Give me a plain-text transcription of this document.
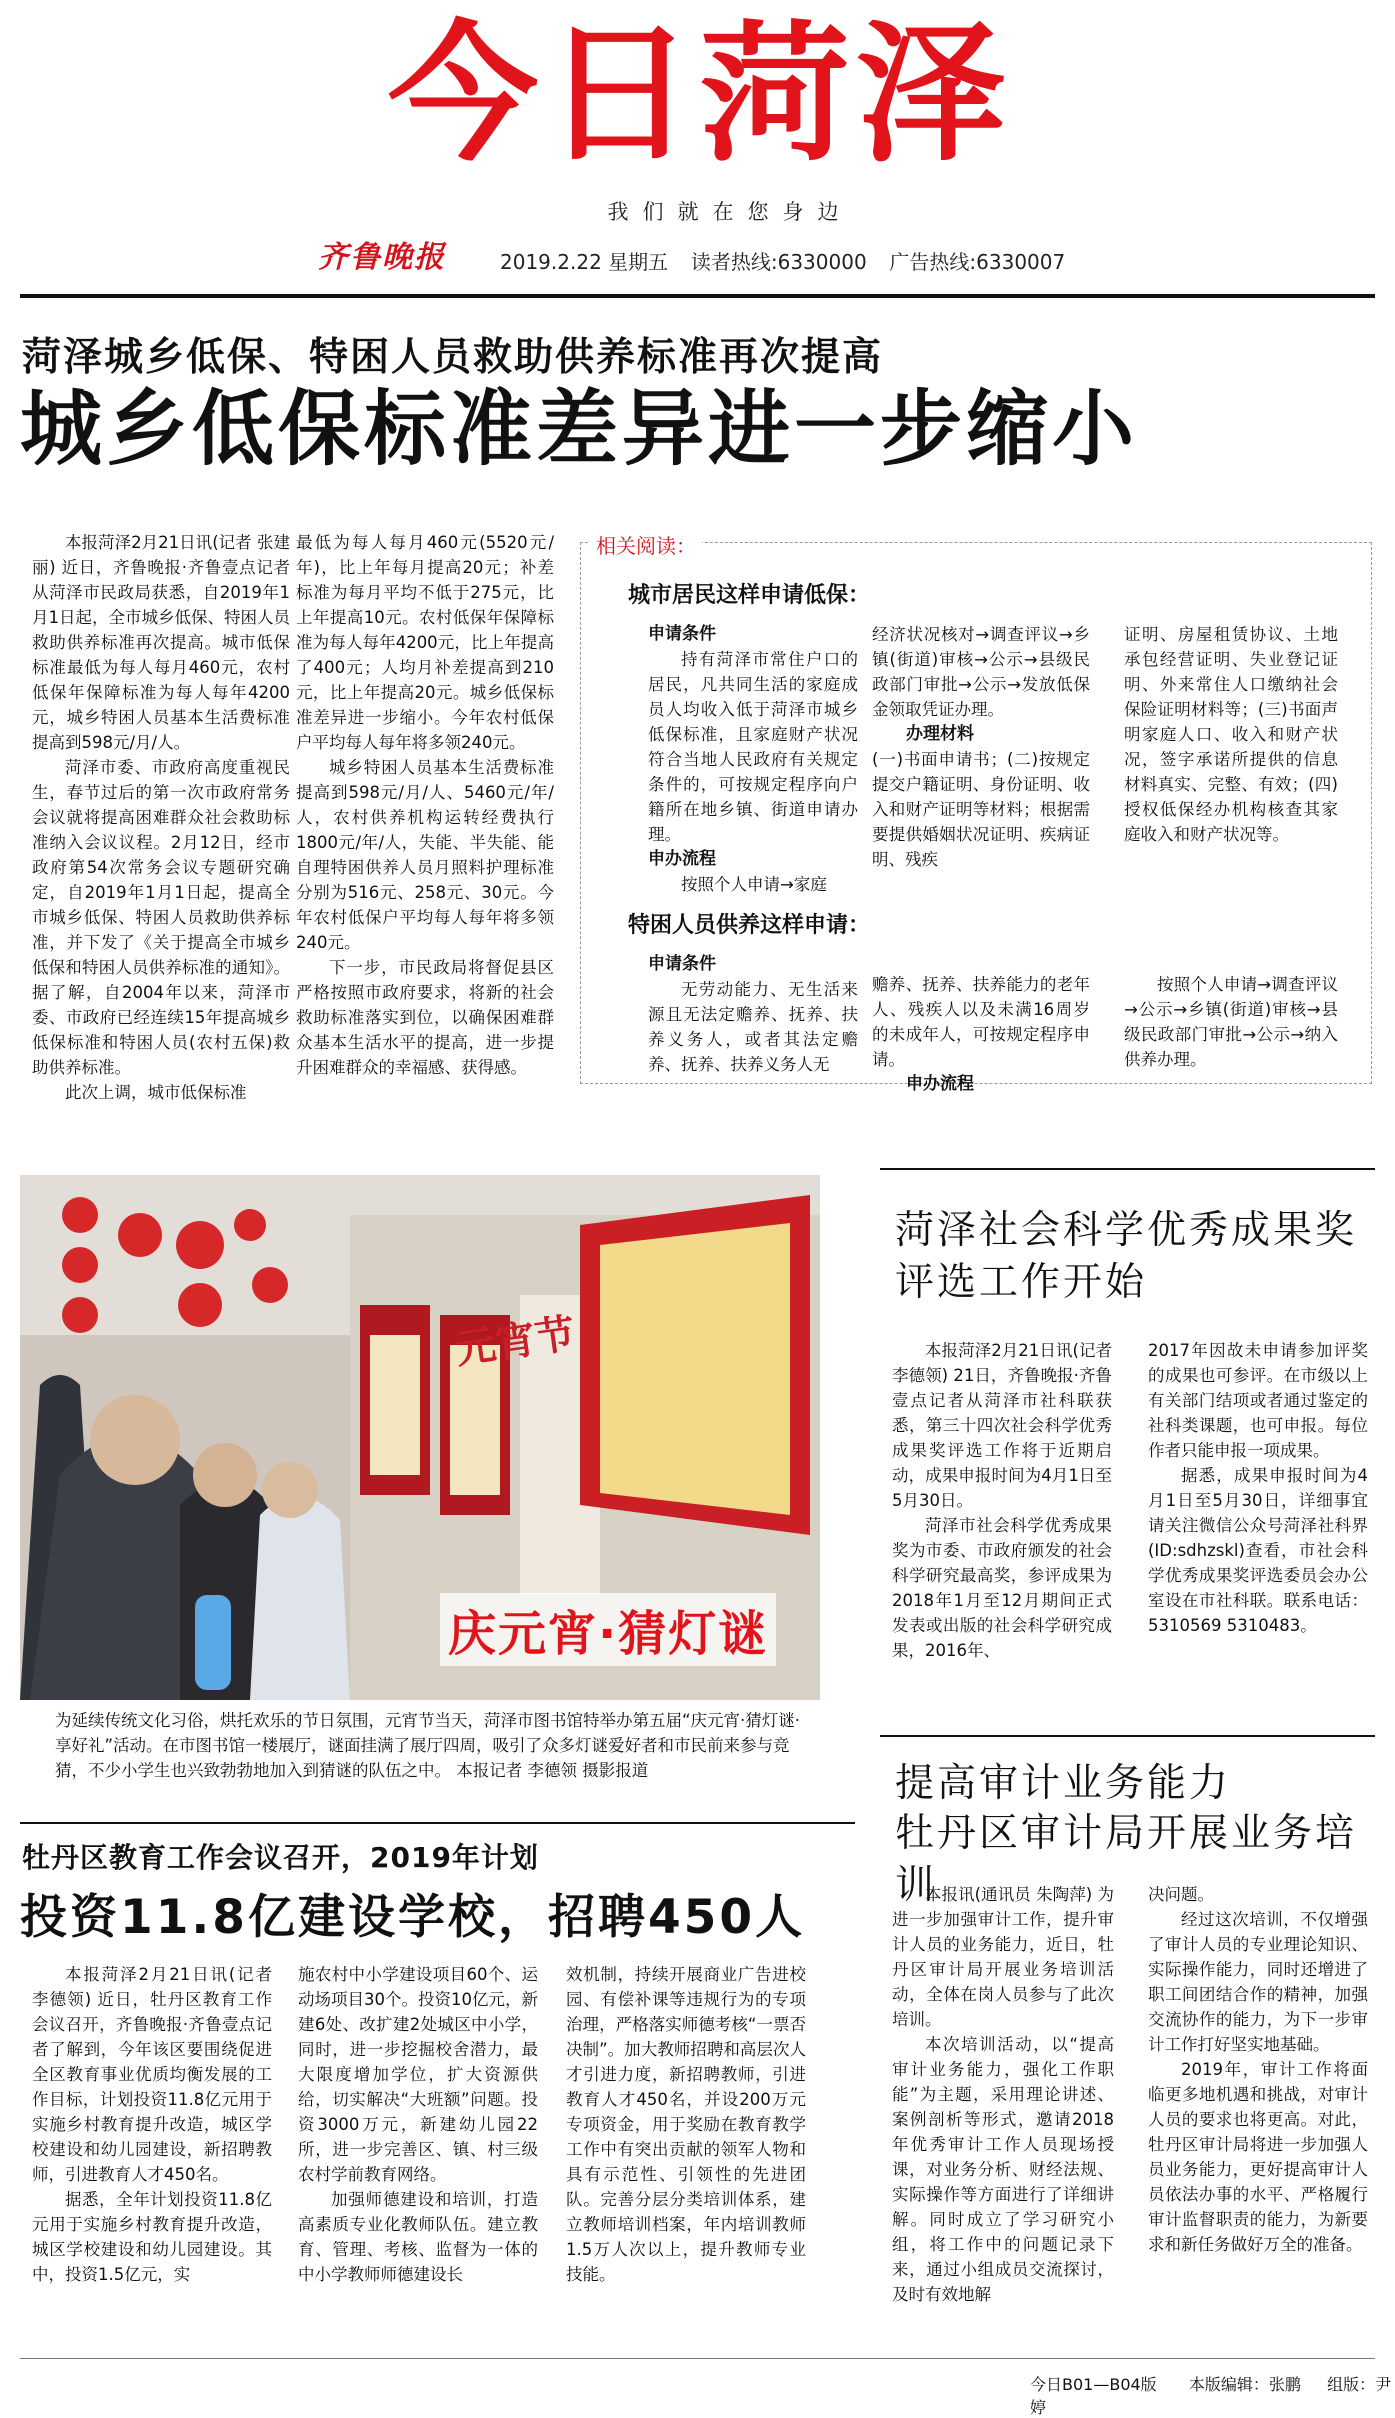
今日菏泽
我们就在您身边
齐鲁晚报	2019.2.22 星期五 读者热线:6330000 广告热线:6330007
菏泽城乡低保、特困人员救助供养标准再次提高
城乡低保标准差异进一步缩小

本报菏泽2月21日讯(记者 张建丽) 近日，齐鲁晚报·齐鲁壹点记者从菏泽市民政局获悉，自2019年1月1日起，全市城乡低保、特困人员救助供养标准再次提高。城市低保标准最低为每人每月460元，农村低保年保障标准为每人每年4200元，城乡特困人员基本生活费标准提高到598元/月/人。

菏泽市委、市政府高度重视民生，春节过后的第一次市政府常务会议就将提高困难群众社会救助标准纳入会议议程。2月12日，经市政府第54次常务会议专题研究确定，自2019年1月1日起，提高全市城乡低保、特困人员救助供养标准，并下发了《关于提高全市城乡低保和特困人员供养标准的通知》。据了解，自2004年以来，菏泽市委、市政府已经连续15年提高城乡低保标准和特困人员(农村五保)救助供养标准。

此次上调，城市低保标准

最低为每人每月460元(5520元/年)，比上年每月提高20元；补差标准为每月平均不低于275元，比上年提高10元。农村低保年保障标准为每人每年4200元，比上年提高了400元；人均月补差提高到210元，比上年提高20元。城乡低保标准差异进一步缩小。今年农村低保户平均每人每年将多领240元。

城乡特困人员基本生活费标准提高到598元/月/人、5460元/年/人，农村供养机构运转经费执行1800元/年/人，失能、半失能、能自理特困供养人员月照料护理标准分别为516元、258元、30元。今年农村低保户平均每人每年将多领240元。

下一步，市民政局将督促县区严格按照市政府要求，将新的社会救助标准落实到位，以确保困难群众基本生活水平的提高，进一步提升困难群众的幸福感、获得感。

相关阅读：
城市居民这样申请低保：
申请条件
持有菏泽市常住户口的居民，凡共同生活的家庭成员人均收入低于菏泽市城乡低保标准，且家庭财产状况符合当地人民政府有关规定条件的，可按规定程序向户籍所在地乡镇、街道申请办理。
申办流程
按照个人申请→家庭
经济状况核对→调查评议→乡镇(街道)审核→公示→县级民政部门审批→公示→发放低保金领取凭证办理。
办理材料
(一)书面申请书；(二)按规定提交户籍证明、身份证明、收入和财产证明等材料；根据需要提供婚姻状况证明、疾病证明、残疾
证明、房屋租赁协议、土地承包经营证明、失业登记证明、外来常住人口缴纳社会保险证明材料等；(三)书面声明家庭人口、收入和财产状况，签字承诺所提供的信息材料真实、完整、有效；(四)授权低保经办机构核查其家庭收入和财产状况等。
特困人员供养这样申请：
申请条件
无劳动能力、无生活来源且无法定赡养、抚养、扶养义务人，或者其法定赡养、抚养、扶养义务人无
赡养、抚养、扶养能力的老年人、残疾人以及未满16周岁的未成年人，可按规定程序申请。
申办流程
按照个人申请→调查评议→公示→乡镇(街道)审核→县级民政部门审批→公示→纳入供养办理。
元宵节
庆元宵·猜灯谜
为延续传统文化习俗，烘托欢乐的节日氛围，元宵节当天，菏泽市图书馆特举办第五届“庆元宵·猜灯谜·享好礼”活动。在市图书馆一楼展厅，谜面挂满了展厅四周，吸引了众多灯谜爱好者和市民前来参与竞猜，不少小学生也兴致勃勃地加入到猜谜的队伍之中。 本报记者 李德领 摄影报道
菏泽社会科学优秀成果奖评选工作开始

本报菏泽2月21日讯(记者 李德领) 21日，齐鲁晚报·齐鲁壹点记者从菏泽市社科联获悉，第三十四次社会科学优秀成果奖评选工作将于近期启动，成果申报时间为4月1日至5月30日。

菏泽市社会科学优秀成果奖为市委、市政府颁发的社会科学研究最高奖，参评成果为2018年1月至12月期间正式发表或出版的社会科学研究成果，2016年、

2017年因故未申请参加评奖的成果也可参评。在市级以上有关部门结项或者通过鉴定的社科类课题，也可申报。每位作者只能申报一项成果。

据悉，成果申报时间为4月1日至5月30日，详细事宜请关注微信公众号菏泽社科界(ID:sdhzskl)查看，市社会科学优秀成果奖评选委员会办公室设在市社科联。联系电话：5310569 5310483。

提高审计业务能力
牡丹区审计局开展业务培训

本报讯(通讯员 朱陶萍) 为进一步加强审计工作，提升审计人员的业务能力，近日，牡丹区审计局开展业务培训活动，全体在岗人员参与了此次培训。

本次培训活动，以“提高审计业务能力，强化工作职能”为主题，采用理论讲述、案例剖析等形式，邀请2018年优秀审计工作人员现场授课，对业务分析、财经法规、实际操作等方面进行了详细讲解。同时成立了学习研究小组，将工作中的问题记录下来，通过小组成员交流探讨，及时有效地解

决问题。

经过这次培训，不仅增强了审计人员的专业理论知识、实际操作能力，同时还增进了职工间团结合作的精神，加强交流协作的能力，为下一步审计工作打好坚实地基础。

2019年，审计工作将面临更多地机遇和挑战，对审计人员的要求也将更高。对此，牡丹区审计局将进一步加强人员业务能力，更好提高审计人员依法办事的水平、严格履行审计监督职责的能力，为新要求和新任务做好万全的准备。

牡丹区教育工作会议召开，2019年计划
投资11.8亿建设学校，招聘450人

本报菏泽2月21日讯(记者 李德领) 近日，牡丹区教育工作会议召开，齐鲁晚报·齐鲁壹点记者了解到，今年该区要围绕促进全区教育事业优质均衡发展的工作目标，计划投资11.8亿元用于实施乡村教育提升改造，城区学校建设和幼儿园建设，新招聘教师，引进教育人才450名。

据悉，全年计划投资11.8亿元用于实施乡村教育提升改造，城区学校建设和幼儿园建设。其中，投资1.5亿元，实

施农村中小学建设项目60个、运动场项目30个。投资10亿元，新建6处、改扩建2处城区中小学，同时，进一步挖掘校舍潜力，最大限度增加学位，扩大资源供给，切实解决“大班额”问题。投资3000万元，新建幼儿园22所，进一步完善区、镇、村三级农村学前教育网络。

加强师德建设和培训，打造高素质专业化教师队伍。建立教育、管理、考核、监督为一体的中小学教师师德建设长

效机制，持续开展商业广告进校园、有偿补课等违规行为的专项治理，严格落实师德考核“一票否决制”。加大教师招聘和高层次人才引进力度，新招聘教师，引进教育人才450名，并设200万元专项资金，用于奖励在教育教学工作中有突出贡献的领军人物和具有示范性、引领性的先进团队。完善分层分类培训体系，建立教师培训档案，年内培训教师1.5万人次以上，提升教师专业技能。

今日B01—B04版 本版编辑：张鹏 组版：尹婷
